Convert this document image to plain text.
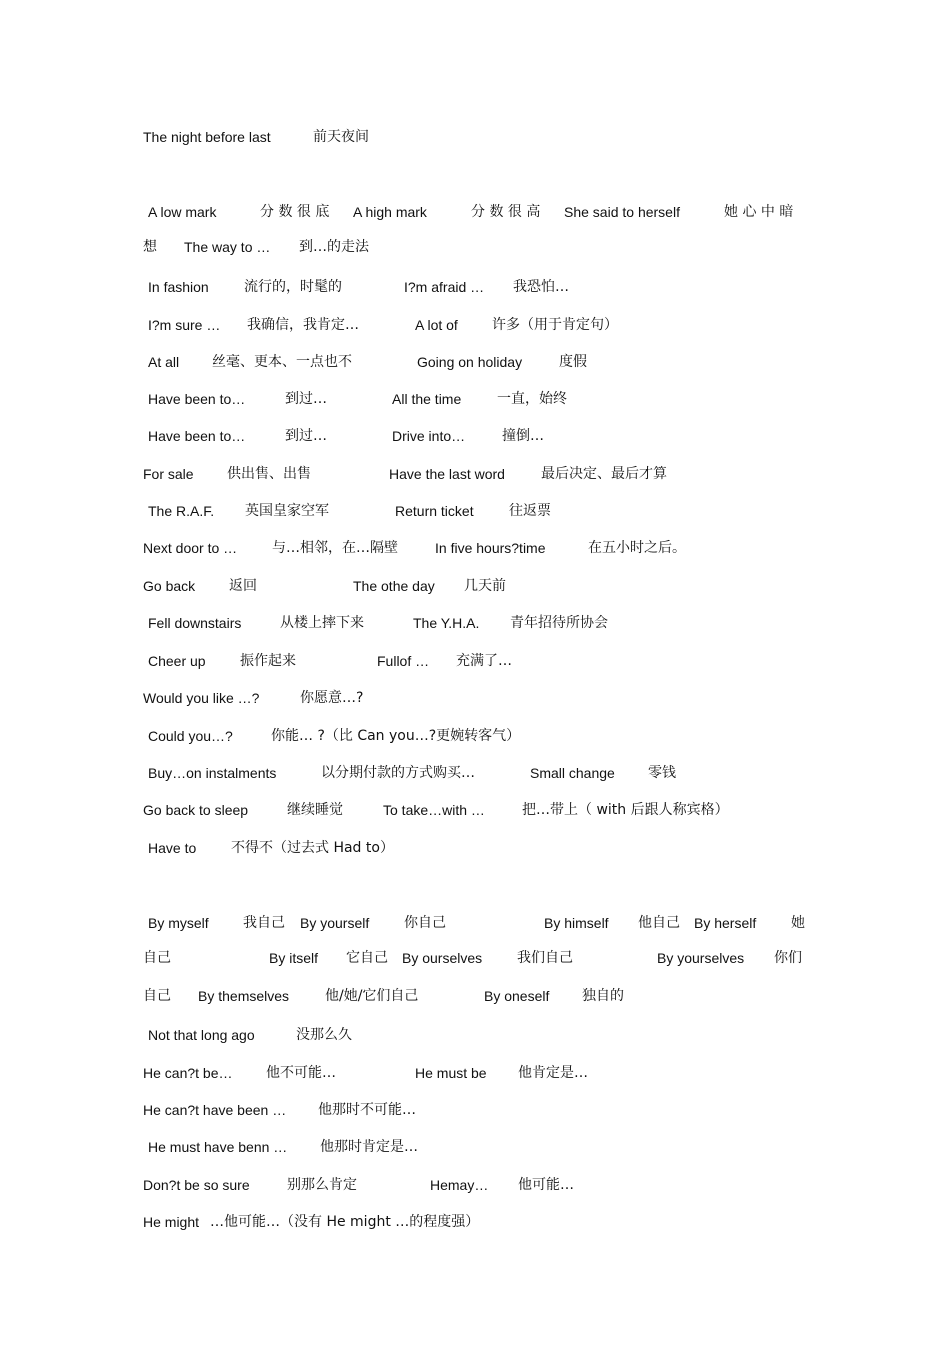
The night before last	前天夜间
A low mark	分 数 很 底 A high mark	分 数 很 高 She said to herself	她 心 中 暗
想 The way to … 到…的走法
In fashion	流行的，时髦的	I?m afraid … 我恐怕…
I?m sure … 我确信，我肯定…	A lot of 许多（用于肯定句）
At all 丝毫、更本、一点也不	Going on holiday	度假
Have been to…	到过…	All the time	一直，始终
Have been to…	到过…	Drive into…	撞倒…
For sale 供出售、出售	Have the last word	最后决定、最后才算
The R.A.F. 英国皇家空军	Return ticket	往返票
Next door to … 与…相邻，在…隔壁	In five hours?time	在五小时之后。
Go back 返回	The othe day 几天前
Fell downstairs	从楼上摔下来	The Y.H.A. 青年招待所协会
Cheer up 振作起来	Fullof … 充满了…
Would you like …?	你愿意…?
Could you…?	你能… ?（比 Can you…?更婉转客气）
Buy…on instalments	以分期付款的方式购买…	Small change 零钱
Go back to sleep	继续睡觉	To take…with …	把…带上（ with 后跟人称宾格）
Have to 不得不（过去式 Had to）
By myself 我自己 By yourself 你自己	By himself 他自己 By herself 她
自己	By itself 它自己 By ourselves 我们自己	By yourselves 你们
自己 By themselves	他/她/它们自己	By oneself 独自的
Not that long ago	没那么久
He can?t be… 他不可能…	He must be 他肯定是…
He can?t have been … 他那时不可能…
He must have benn … 他那时肯定是…
Don?t be so sure	别那么肯定	Hemay… 他可能…
He might …他可能…（没有 He might …的程度强）
